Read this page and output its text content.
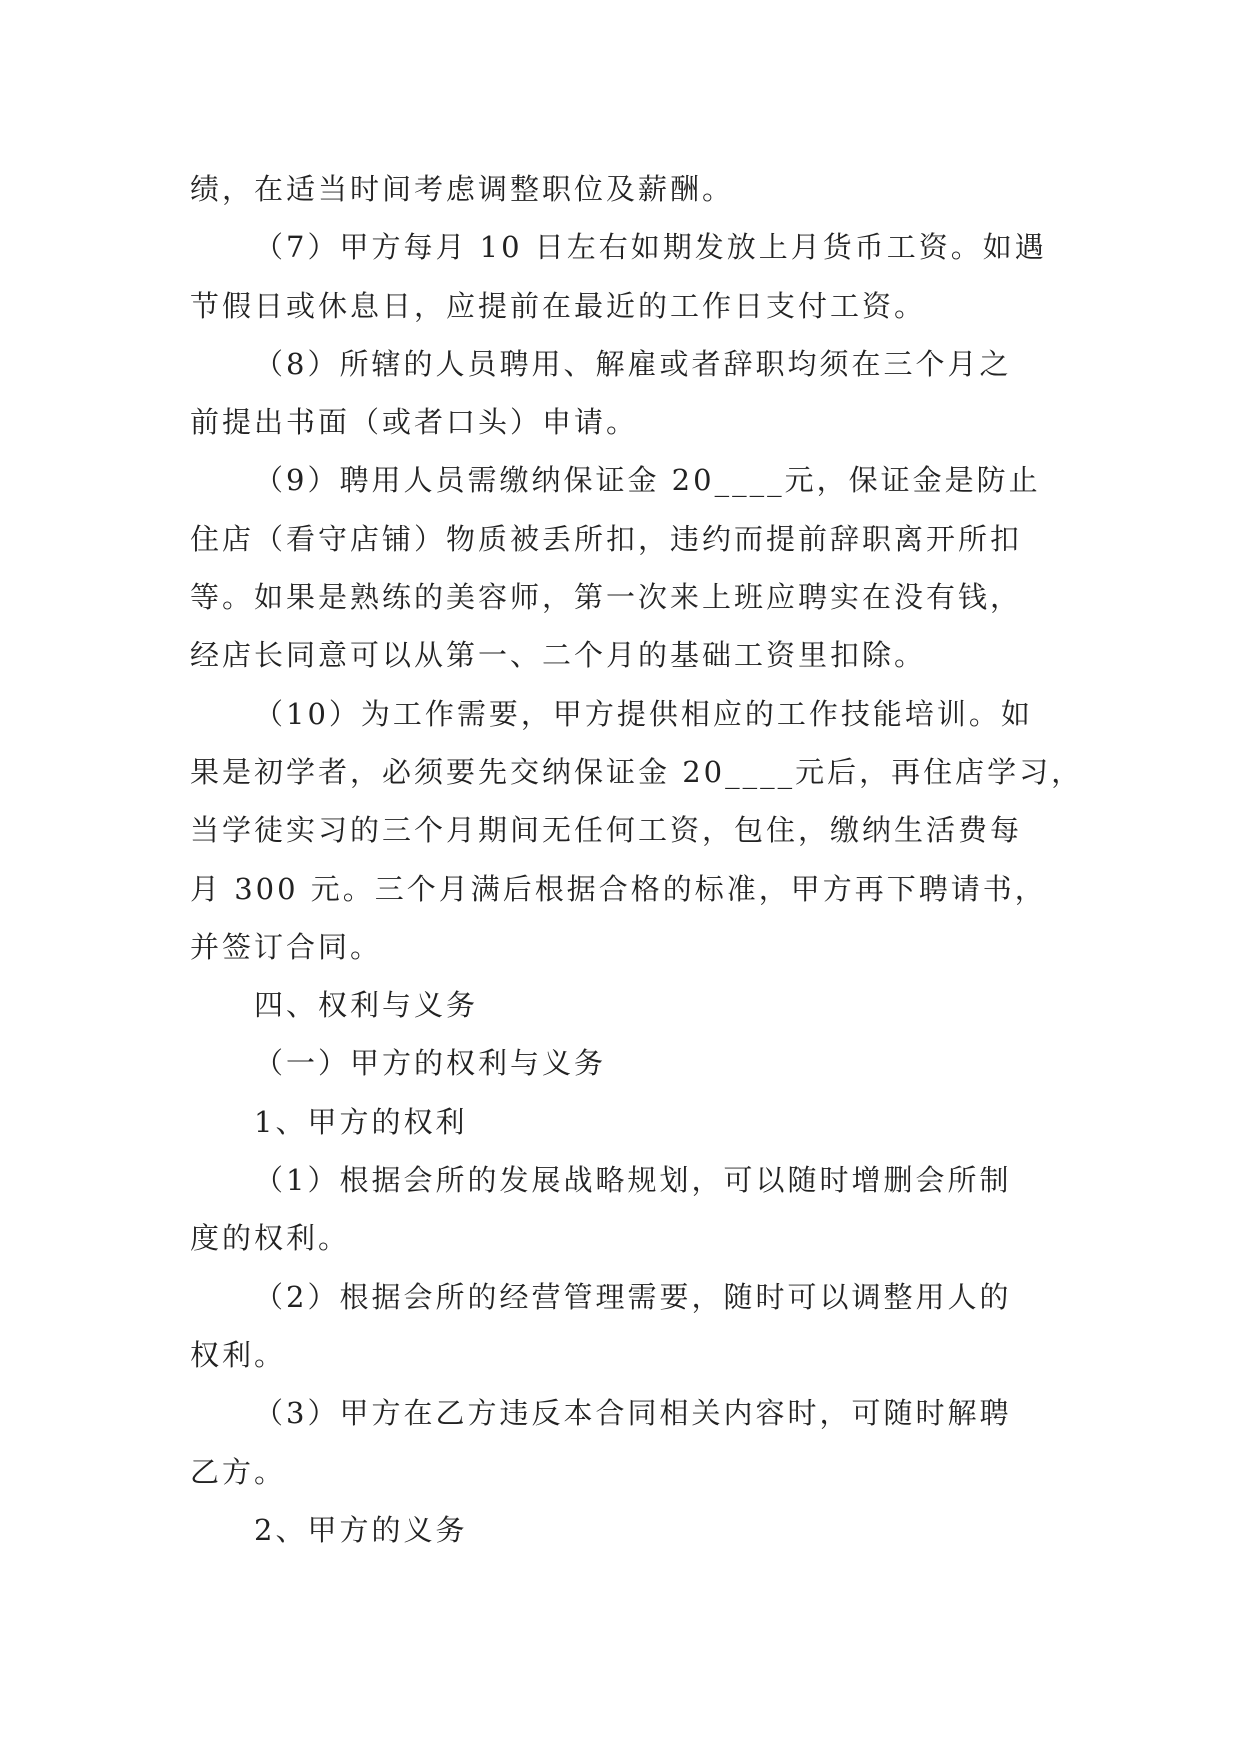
绩，在适当时间考虑调整职位及薪酬。
（7）甲方每月 10 日左右如期发放上月货币工资。如遇
节假日或休息日，应提前在最近的工作日支付工资。
（8）所辖的人员聘用、解雇或者辞职均须在三个月之
前提出书面（或者口头）申请。
（9）聘用人员需缴纳保证金 20____元，保证金是防止
住店（看守店铺）物质被丢所扣，违约而提前辞职离开所扣
等。如果是熟练的美容师，第一次来上班应聘实在没有钱，
经店长同意可以从第一、二个月的基础工资里扣除。
（10）为工作需要，甲方提供相应的工作技能培训。如
果是初学者，必须要先交纳保证金 20____元后，再住店学习，
当学徒实习的三个月期间无任何工资，包住，缴纳生活费每
月 300 元。三个月满后根据合格的标准，甲方再下聘请书，
并签订合同。
四、权利与义务
（一）甲方的权利与义务
1、甲方的权利
（1）根据会所的发展战略规划，可以随时增删会所制
度的权利。
（2）根据会所的经营管理需要，随时可以调整用人的
权利。
（3）甲方在乙方违反本合同相关内容时，可随时解聘
乙方。
2、甲方的义务
